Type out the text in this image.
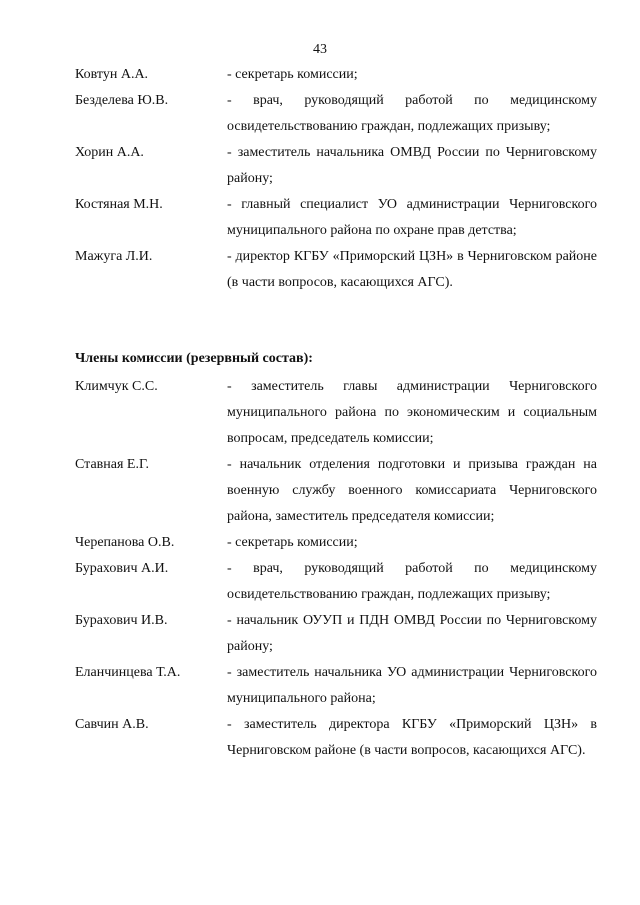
43
Ковтун А.А.	- секретарь комиссии;
Безделева Ю.В.	- врач, руководящий работой по медицинскому освидетельствованию граждан, подлежащих призыву;
Хорин А.А.	- заместитель начальника ОМВД России по Черниговскому району;
Костяная М.Н.	- главный специалист УО администрации Черниговского муниципального района по охране прав детства;
Мажуга Л.И.	- директор КГБУ «Приморский ЦЗН» в Черниговском районе (в части вопросов, касающихся АГС).
Члены комиссии (резервный состав):
Климчук С.С.	- заместитель главы администрации Черниговского муниципального района по экономическим и социальным вопросам, председатель комиссии;
Ставная Е.Г.	- начальник отделения подготовки и призыва граждан на военную службу военного комиссариата Черниговского района, заместитель председателя комиссии;
Черепанова О.В.	- секретарь комиссии;
Бурахович А.И.	- врач, руководящий работой по медицинскому освидетельствованию граждан, подлежащих призыву;
Бурахович И.В.	- начальник ОУУП и ПДН ОМВД России по Черниговскому району;
Еланчинцева Т.А.	- заместитель начальника УО администрации Черниговского муниципального района;
Савчин А.В.	- заместитель директора КГБУ «Приморский ЦЗН» в Черниговском районе (в части вопросов, касающихся АГС).
